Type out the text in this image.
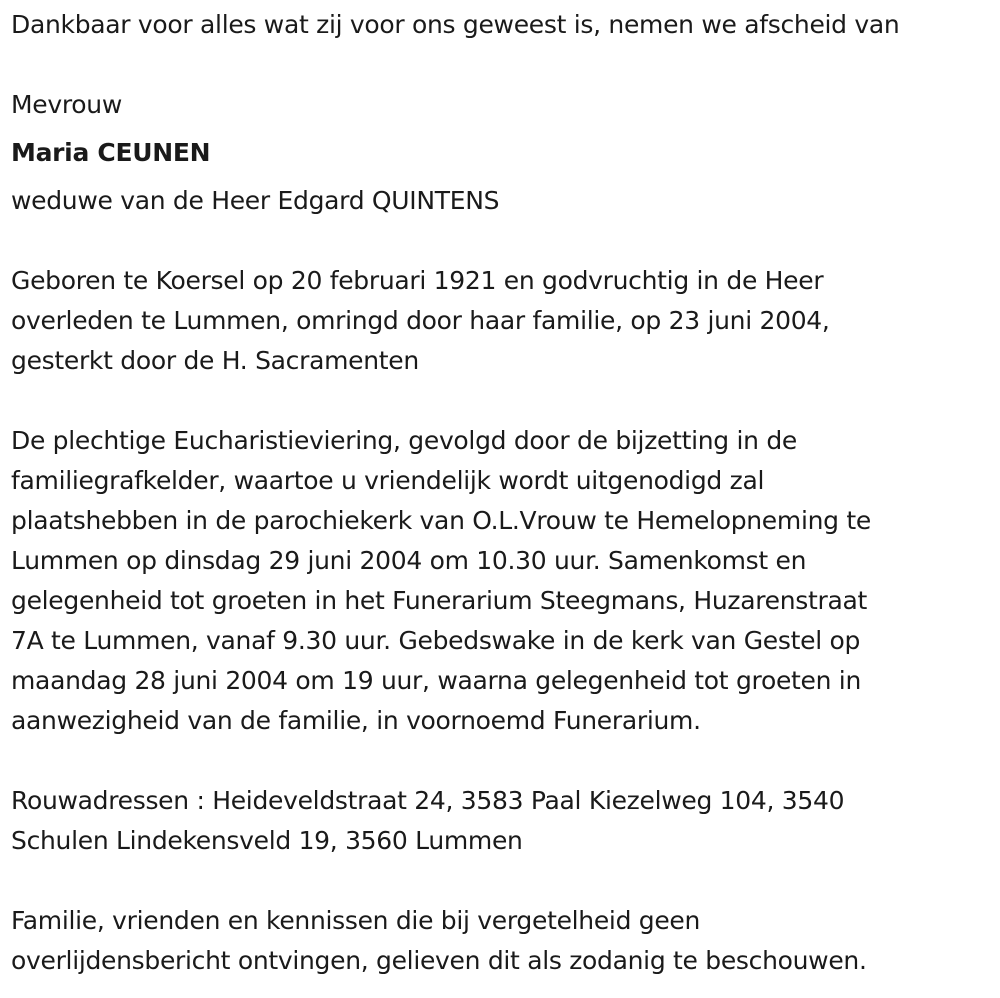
Dankbaar voor alles wat zij voor ons geweest is, nemen we afscheid van
Mevrouw
Maria CEUNEN
weduwe van de Heer Edgard QUINTENS
Geboren te Koersel op 20 februari 1921 en godvruchtig in de Heer
overleden te Lummen, omringd door haar familie, op 23 juni 2004,
gesterkt door de H. Sacramenten
De plechtige Eucharistieviering, gevolgd door de bijzetting in de
familiegrafkelder, waartoe u vriendelijk wordt uitgenodigd zal
plaatshebben in de parochiekerk van O.L.Vrouw te Hemelopneming te
Lummen op dinsdag 29 juni 2004 om 10.30 uur. Samenkomst en
gelegenheid tot groeten in het Funerarium Steegmans, Huzarenstraat
7A te Lummen, vanaf 9.30 uur. Gebedswake in de kerk van Gestel op
maandag 28 juni 2004 om 19 uur, waarna gelegenheid tot groeten in
aanwezigheid van de familie, in voornoemd Funerarium.
Rouwadressen : Heideveldstraat 24, 3583 Paal Kiezelweg 104, 3540
Schulen Lindekensveld 19, 3560 Lummen
Familie, vrienden en kennissen die bij vergetelheid geen
overlijdensbericht ontvingen, gelieven dit als zodanig te beschouwen.
